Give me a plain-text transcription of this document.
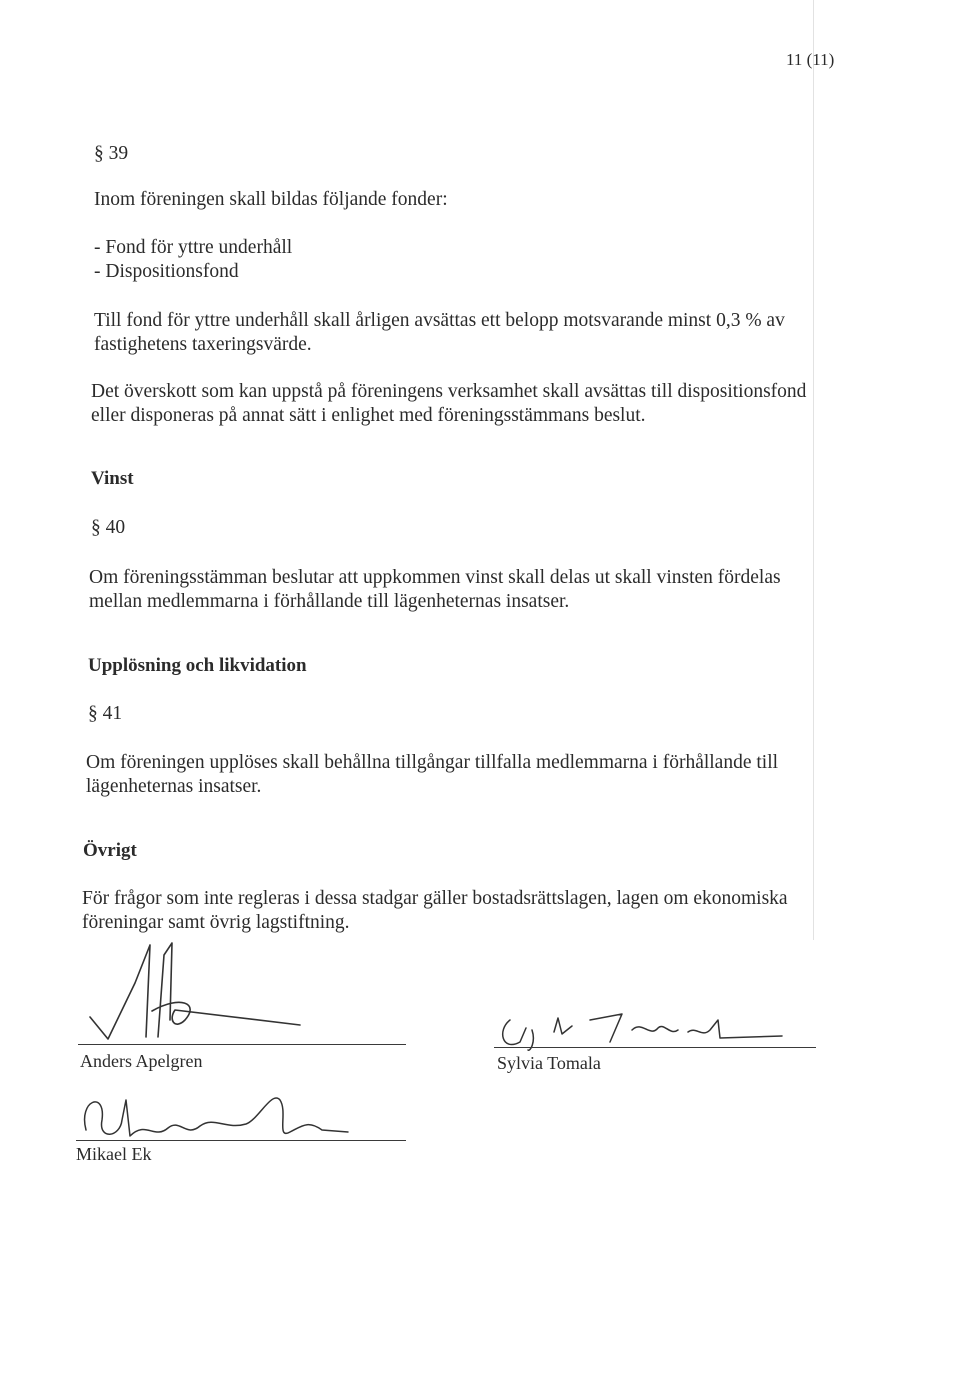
11 (11)
§ 39
Inom föreningen skall bildas följande fonder:
- Fond för yttre underhåll
- Dispositionsfond
Till fond för yttre underhåll skall årligen avsättas ett belopp motsvarande minst 0,3 % av
fastighetens taxeringsvärde.
Det överskott som kan uppstå på föreningens verksamhet skall avsättas till dispositionsfond
eller disponeras på annat sätt i enlighet med föreningsstämmans beslut.
Vinst
§ 40
Om föreningsstämman beslutar att uppkommen vinst skall delas ut skall vinsten fördelas
mellan medlemmarna i förhållande till lägenheternas insatser.
Upplösning och likvidation
§ 41
Om föreningen upplöses skall behållna tillgångar tillfalla medlemmarna i förhållande till
lägenheternas insatser.
Övrigt
För frågor som inte regleras i dessa stadgar gäller bostadsrättslagen, lagen om ekonomiska
föreningar samt övrig lagstiftning.
Anders Apelgren	Sylvia Tomala
Mikael Ek
